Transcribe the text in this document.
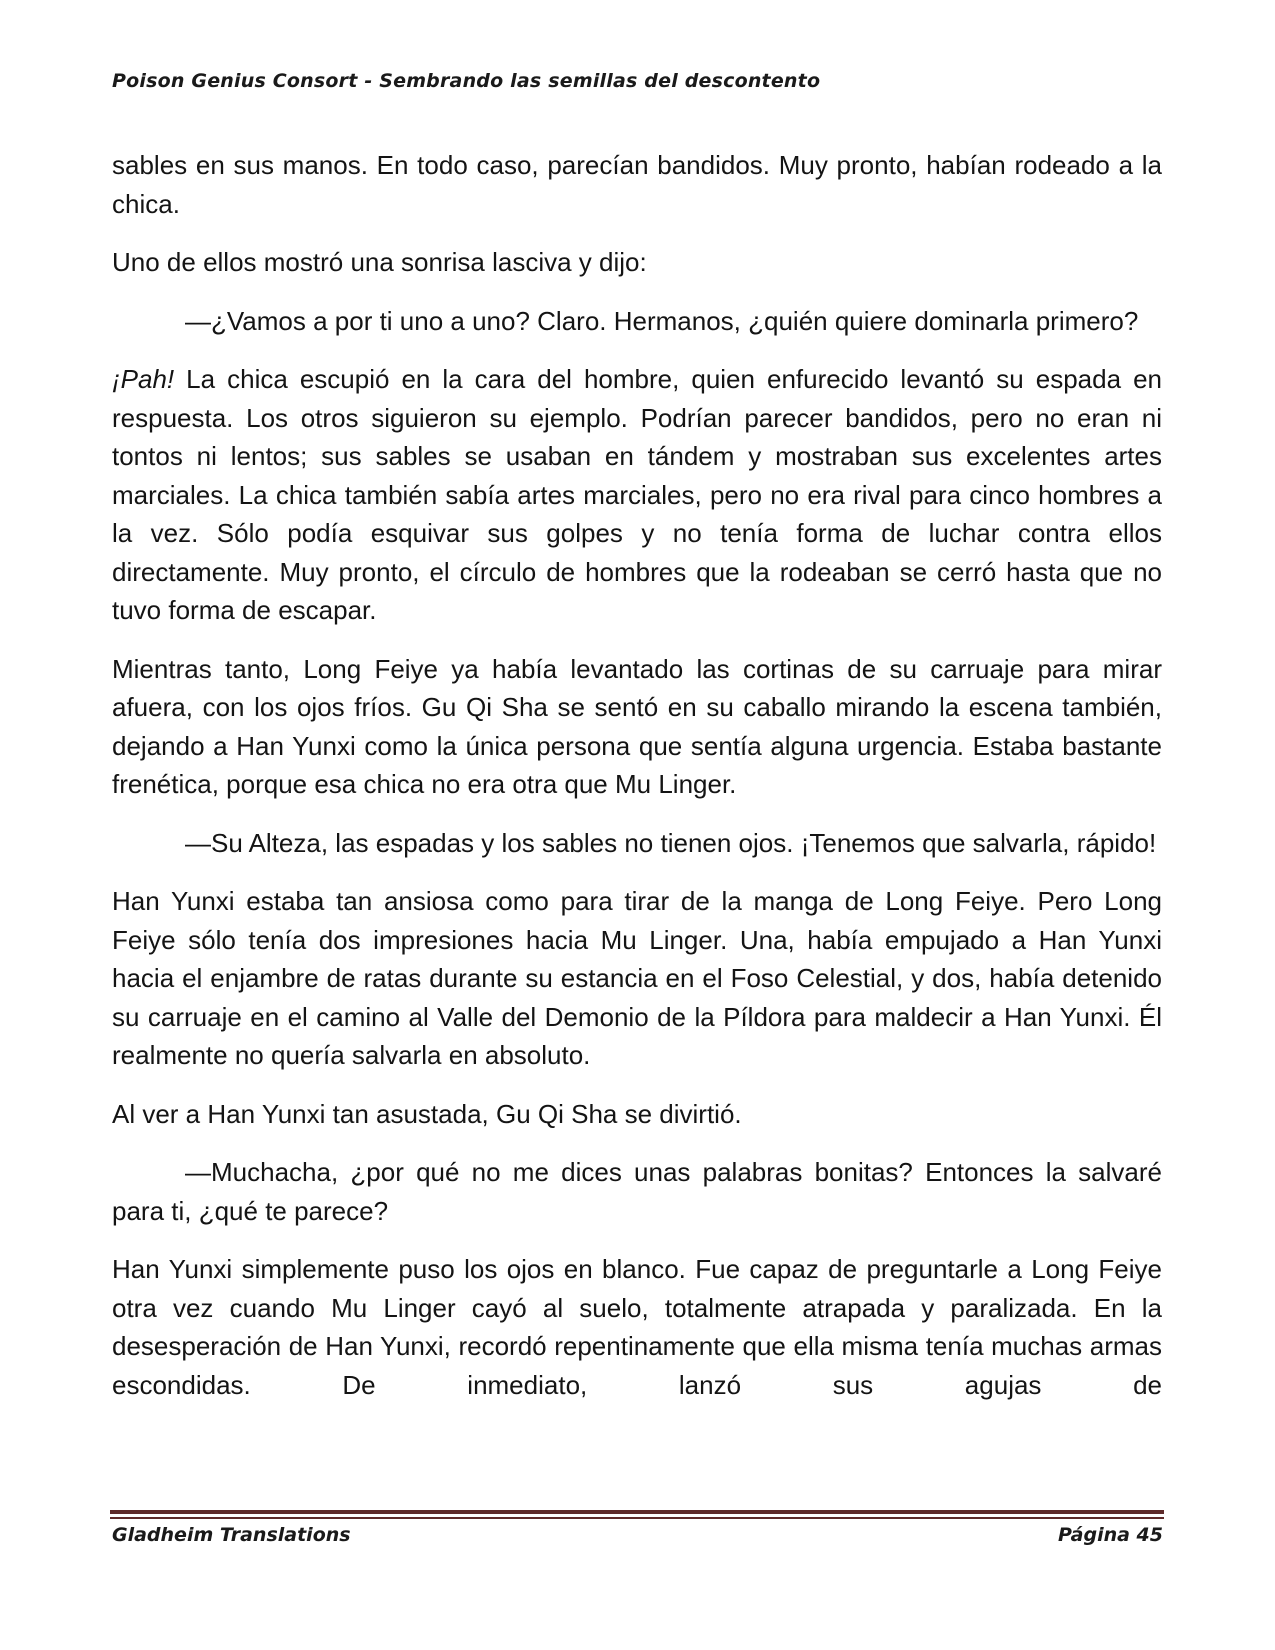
Poison Genius Consort - Sembrando las semillas del descontento

sables en sus manos. En todo caso, parecían bandidos. Muy pronto, habían rodeado a la chica.

Uno de ellos mostró una sonrisa lasciva y dijo:

—¿Vamos a por ti uno a uno? Claro. Hermanos, ¿quién quiere dominarla primero?

¡Pah! La chica escupió en la cara del hombre, quien enfurecido levantó su espada en respuesta. Los otros siguieron su ejemplo. Podrían parecer bandidos, pero no eran ni tontos ni lentos; sus sables se usaban en tándem y mostraban sus excelentes artes marciales. La chica también sabía artes marciales, pero no era rival para cinco hombres a la vez. Sólo podía esquivar sus golpes y no tenía forma de luchar contra ellos directamente. Muy pronto, el círculo de hombres que la rodeaban se cerró hasta que no tuvo forma de escapar.

Mientras tanto, Long Feiye ya había levantado las cortinas de su carruaje para mirar afuera, con los ojos fríos. Gu Qi Sha se sentó en su caballo mirando la escena también, dejando a Han Yunxi como la única persona que sentía alguna urgencia. Estaba bastante frenética, porque esa chica no era otra que Mu Linger.

—Su Alteza, las espadas y los sables no tienen ojos. ¡Tenemos que salvarla, rápido!

Han Yunxi estaba tan ansiosa como para tirar de la manga de Long Feiye. Pero Long Feiye sólo tenía dos impresiones hacia Mu Linger. Una, había empujado a Han Yunxi hacia el enjambre de ratas durante su estancia en el Foso Celestial, y dos, había detenido su carruaje en el camino al Valle del Demonio de la Píldora para maldecir a Han Yunxi. Él realmente no quería salvarla en absoluto.

Al ver a Han Yunxi tan asustada, Gu Qi Sha se divirtió.

—Muchacha, ¿por qué no me dices unas palabras bonitas? Entonces la salvaré para ti, ¿qué te parece?

Han Yunxi simplemente puso los ojos en blanco. Fue capaz de preguntarle a Long Feiye otra vez cuando Mu Linger cayó al suelo, totalmente atrapada y paralizada. En la desesperación de Han Yunxi, recordó repentinamente que ella misma tenía muchas armas escondidas. De inmediato, lanzó sus agujas de

Gladheim Translations	Página 45
